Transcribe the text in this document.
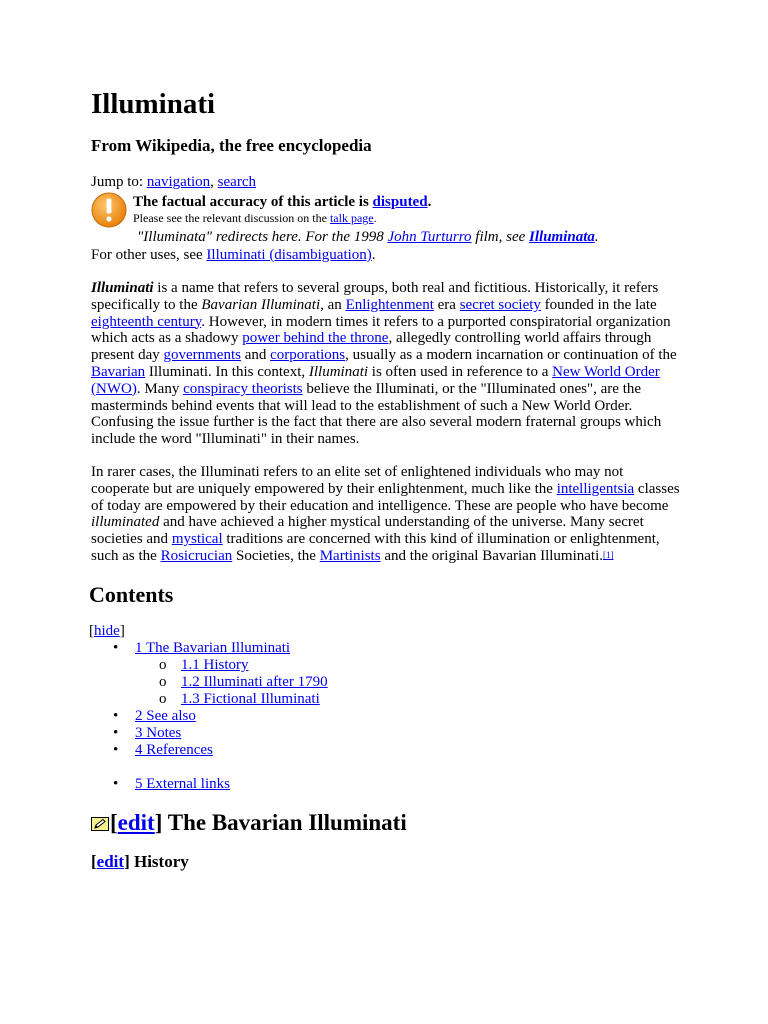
Illuminati
From Wikipedia, the free encyclopedia
Jump to: navigation, search
The factual accuracy of this article is disputed.
Please see the relevant discussion on the talk page.
"Illuminata" redirects here. For the 1998 John Turturro film, see Illuminata.
For other uses, see Illuminati (disambiguation).

Illuminati is a name that refers to several groups, both real and fictitious. Historically, it refers specifically to the Bavarian Illuminati, an Enlightenment era secret society founded in the late eighteenth century. However, in modern times it refers to a purported conspiratorial organization which acts as a shadowy power behind the throne, allegedly controlling world affairs through present day governments and corporations, usually as a modern incarnation or continuation of the Bavarian Illuminati. In this context, Illuminati is often used in reference to a New World Order (NWO). Many conspiracy theorists believe the Illuminati, or the "Illuminated ones", are the masterminds behind events that will lead to the establishment of such a New World Order. Confusing the issue further is the fact that there are also several modern fraternal groups which include the word "Illuminati" in their names.

In rarer cases, the Illuminati refers to an elite set of enlightened individuals who may not cooperate but are uniquely empowered by their enlightenment, much like the intelligentsia classes of today are empowered by their education and intelligence. These are people who have become illuminated and have achieved a higher mystical understanding of the universe. Many secret societies and mystical traditions are concerned with this kind of illumination or enlightenment, such as the Rosicrucian Societies, the Martinists and the original Bavarian Illuminati.[1]

Contents
[hide]
• 1 The Bavarian Illuminati
o 1.1 History
o 1.2 Illuminati after 1790
o 1.3 Fictional Illuminati
• 2 See also
• 3 Notes
• 4 References
• 5 External links
[edit] The Bavarian Illuminati
[edit] History
